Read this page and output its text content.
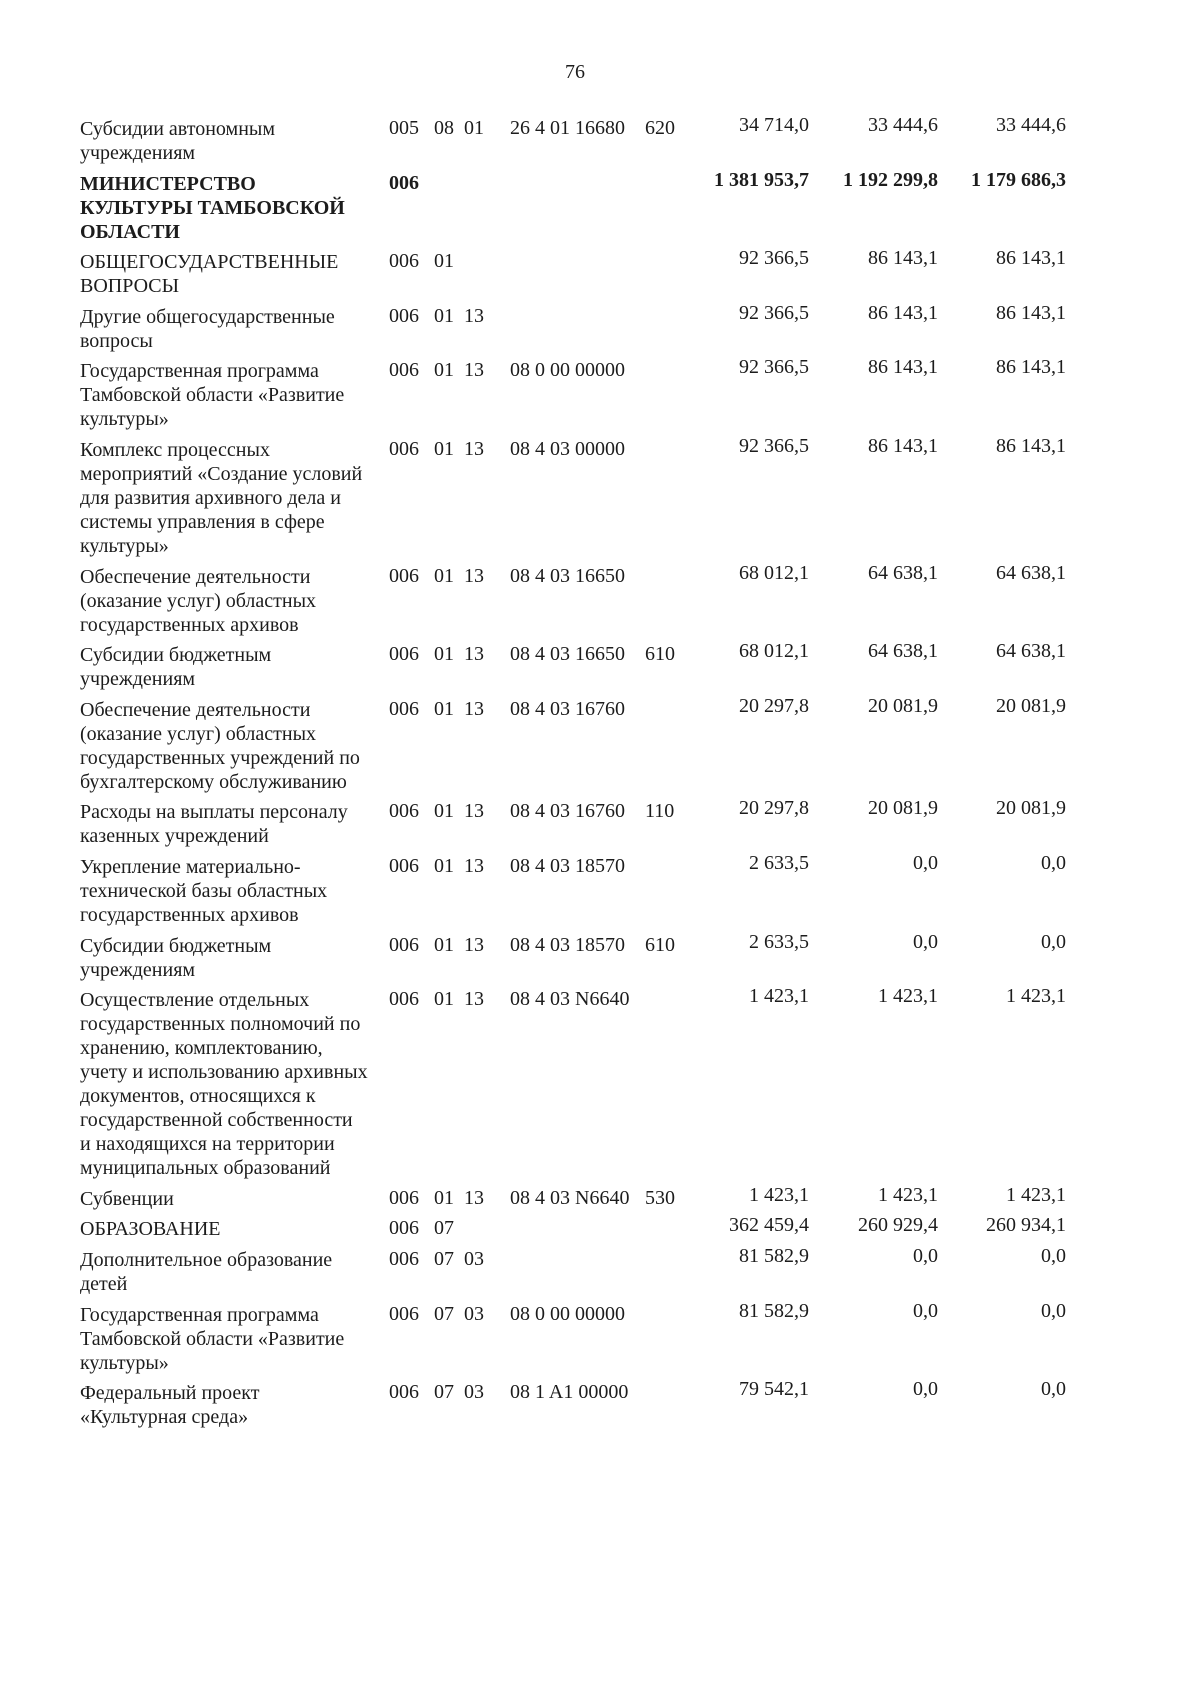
76
Субсидии автономным
учреждениям
005 08 01 26 4 01 16680 620	34 714,0	33 444,6	33 444,6
МИНИСТЕРСТВО
КУЛЬТУРЫ ТАМБОВСКОЙ
ОБЛАСТИ
006	1 381 953,7	1 192 299,8	1 179 686,3
ОБЩЕГОСУДАРСТВЕННЫЕ
ВОПРОСЫ
006 01	92 366,5	86 143,1	86 143,1
Другие общегосударственные
вопросы
006 01 13	92 366,5	86 143,1	86 143,1
Государственная программа
Тамбовской области «Развитие
культуры»
006 01 13 08 0 00 00000	92 366,5	86 143,1	86 143,1
Комплекс процессных
мероприятий «Создание условий
для развития архивного дела и
системы управления в сфере
культуры»
006 01 13 08 4 03 00000	92 366,5	86 143,1	86 143,1
Обеспечение деятельности
(оказание услуг) областных
государственных архивов
006 01 13 08 4 03 16650	68 012,1	64 638,1	64 638,1
Субсидии бюджетным
учреждениям
006 01 13 08 4 03 16650 610	68 012,1	64 638,1	64 638,1
Обеспечение деятельности
(оказание услуг) областных
государственных учреждений по
бухгалтерскому обслуживанию
006 01 13 08 4 03 16760	20 297,8	20 081,9	20 081,9
Расходы на выплаты персоналу
казенных учреждений
006 01 13 08 4 03 16760 110	20 297,8	20 081,9	20 081,9
Укрепление материально-
технической базы областных
государственных архивов
006 01 13 08 4 03 18570	2 633,5	0,0	0,0
Субсидии бюджетным
учреждениям
006 01 13 08 4 03 18570 610	2 633,5	0,0	0,0
Осуществление отдельных
государственных полномочий по
хранению, комплектованию,
учету и использованию архивных
документов, относящихся к
государственной собственности
и находящихся на территории
муниципальных образований
006 01 13 08 4 03 N6640	1 423,1	1 423,1	1 423,1
Субвенции	006 01 13 08 4 03 N6640 530	1 423,1	1 423,1	1 423,1
ОБРАЗОВАНИЕ	006 07	362 459,4	260 929,4	260 934,1
Дополнительное образование
детей
006 07 03	81 582,9	0,0	0,0
Государственная программа
Тамбовской области «Развитие
культуры»
006 07 03 08 0 00 00000	81 582,9	0,0	0,0
Федеральный проект
«Культурная среда»
006 07 03 08 1 A1 00000	79 542,1	0,0	0,0
